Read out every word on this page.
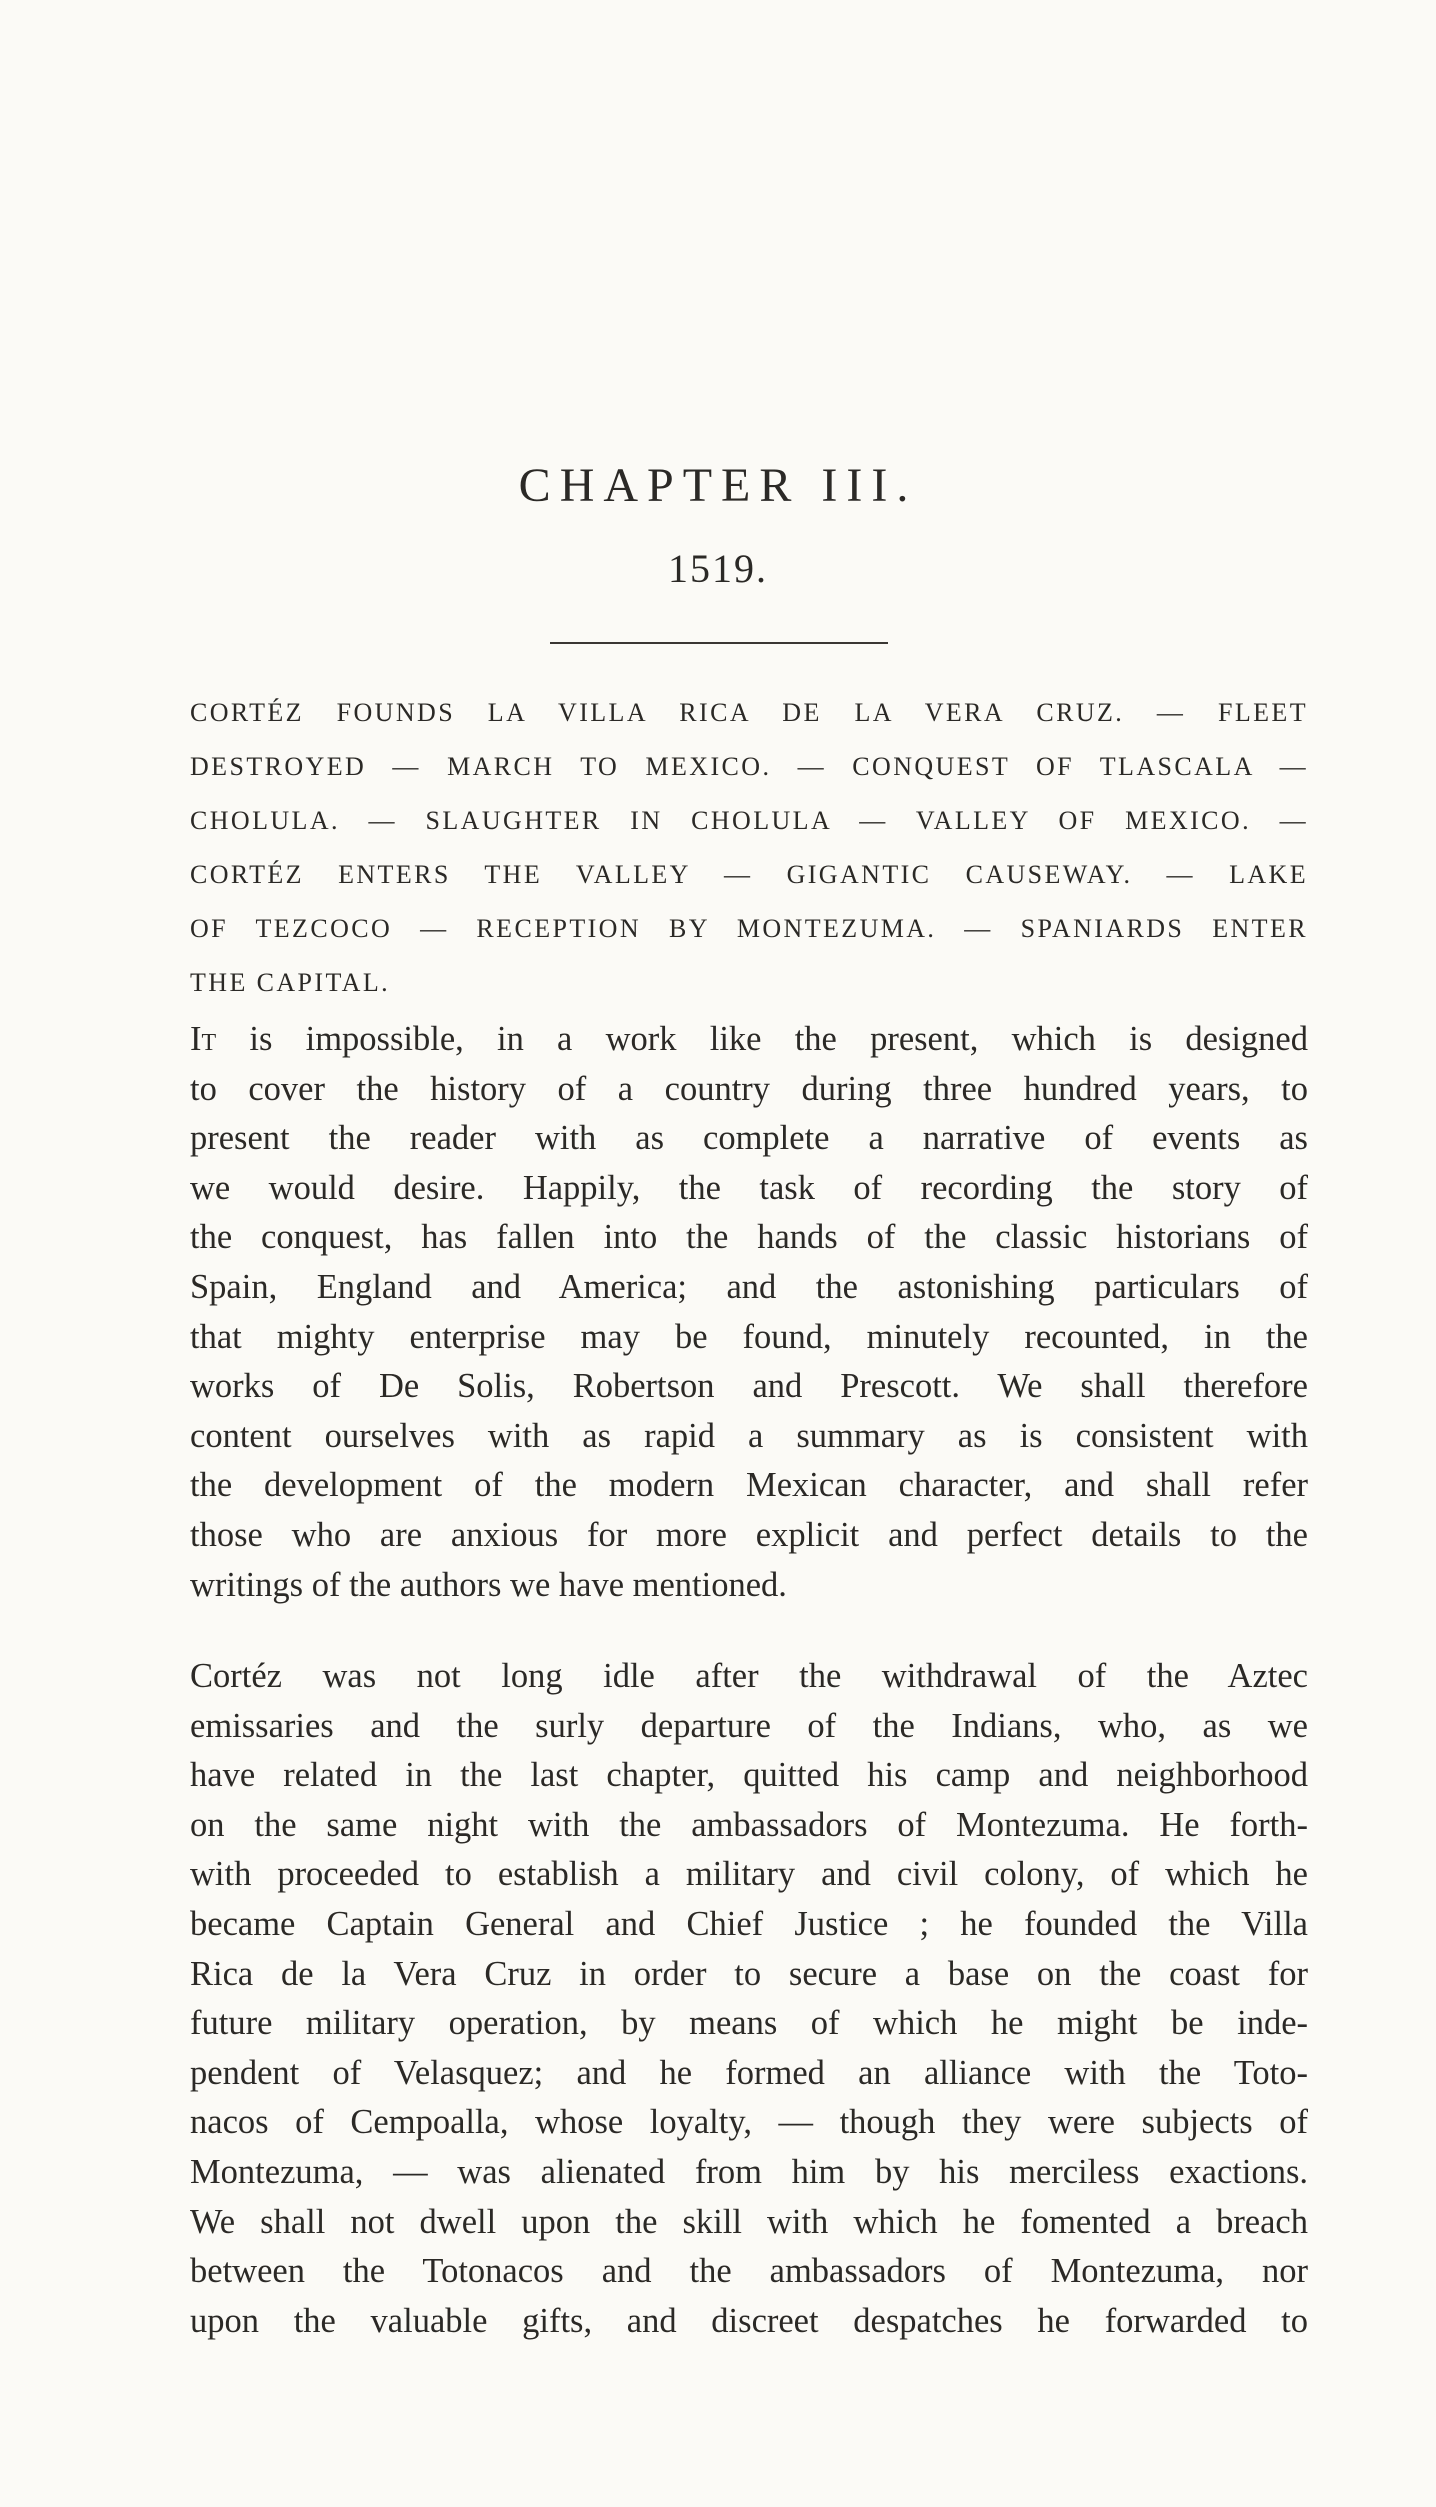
CHAPTER III.
1519.
CORTÉZ FOUNDS LA VILLA RICA DE LA VERA CRUZ. — FLEET
DESTROYED — MARCH TO MEXICO. — CONQUEST OF TLASCALA —
CHOLULA. — SLAUGHTER IN CHOLULA — VALLEY OF MEXICO. —
CORTÉZ ENTERS THE VALLEY — GIGANTIC CAUSEWAY. — LAKE
OF TEZCOCO — RECEPTION BY MONTEZUMA. — SPANIARDS ENTER
THE CAPITAL.
It is impossible, in a work like the present, which is designed
to cover the history of a country during three hundred years, to
present the reader with as complete a narrative of events as
we would desire. Happily, the task of recording the story of
the conquest, has fallen into the hands of the classic historians of
Spain, England and America; and the astonishing particulars of
that mighty enterprise may be found, minutely recounted, in the
works of De Solis, Robertson and Prescott. We shall therefore
content ourselves with as rapid a summary as is consistent with
the development of the modern Mexican character, and shall refer
those who are anxious for more explicit and perfect details to the
writings of the authors we have mentioned.
Cortéz was not long idle after the withdrawal of the Aztec
emissaries and the surly departure of the Indians, who, as we
have related in the last chapter, quitted his camp and neighborhood
on the same night with the ambassadors of Montezuma. He forth-
with proceeded to establish a military and civil colony, of which he
became Captain General and Chief Justice ; he founded the Villa
Rica de la Vera Cruz in order to secure a base on the coast for
future military operation, by means of which he might be inde-
pendent of Velasquez; and he formed an alliance with the Toto-
nacos of Cempoalla, whose loyalty, — though they were subjects of
Montezuma, — was alienated from him by his merciless exactions.
We shall not dwell upon the skill with which he fomented a breach
between the Totonacos and the ambassadors of Montezuma, nor
upon the valuable gifts, and discreet despatches he forwarded to
